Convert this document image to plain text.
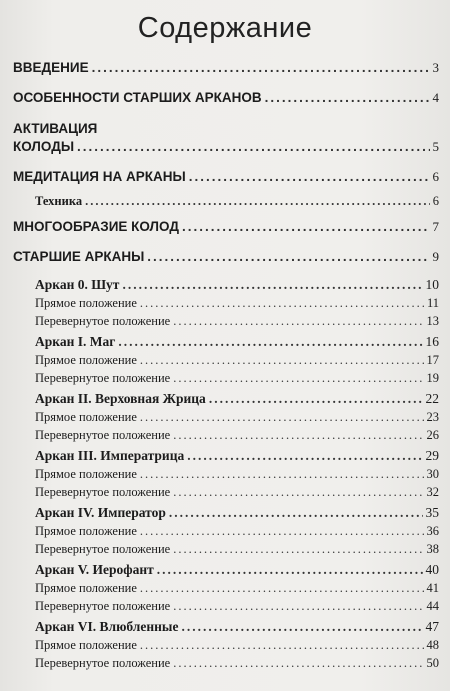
Содержание
ВВЕДЕНИЕ .....	3
ОСОБЕННОСТИ СТАРШИХ АРКАНОВ .....	4
АКТИВАЦИЯ
КОЛОДЫ .....	5
МЕДИТАЦИЯ НА АРКАНЫ .....	6
Техника .....	6
МНОГООБРАЗИЕ КОЛОД .....	7
СТАРШИЕ АРКАНЫ .....	9
Аркан 0. Шут .....	10
Прямое положение .....	11
Перевернутое положение .....	13
Аркан I. Маг .....	16
Прямое положение .....	17
Перевернутое положение .....	19
Аркан II. Верховная Жрица .....	22
Прямое положение .....	23
Перевернутое положение .....	26
Аркан III. Императрица .....	29
Прямое положение .....	30
Перевернутое положение .....	32
Аркан IV. Император .....	35
Прямое положение .....	36
Перевернутое положение .....	38
Аркан V. Иерофант .....	40
Прямое положение .....	41
Перевернутое положение .....	44
Аркан VI. Влюбленные .....	47
Прямое положение .....	48
Перевернутое положение .....	50
